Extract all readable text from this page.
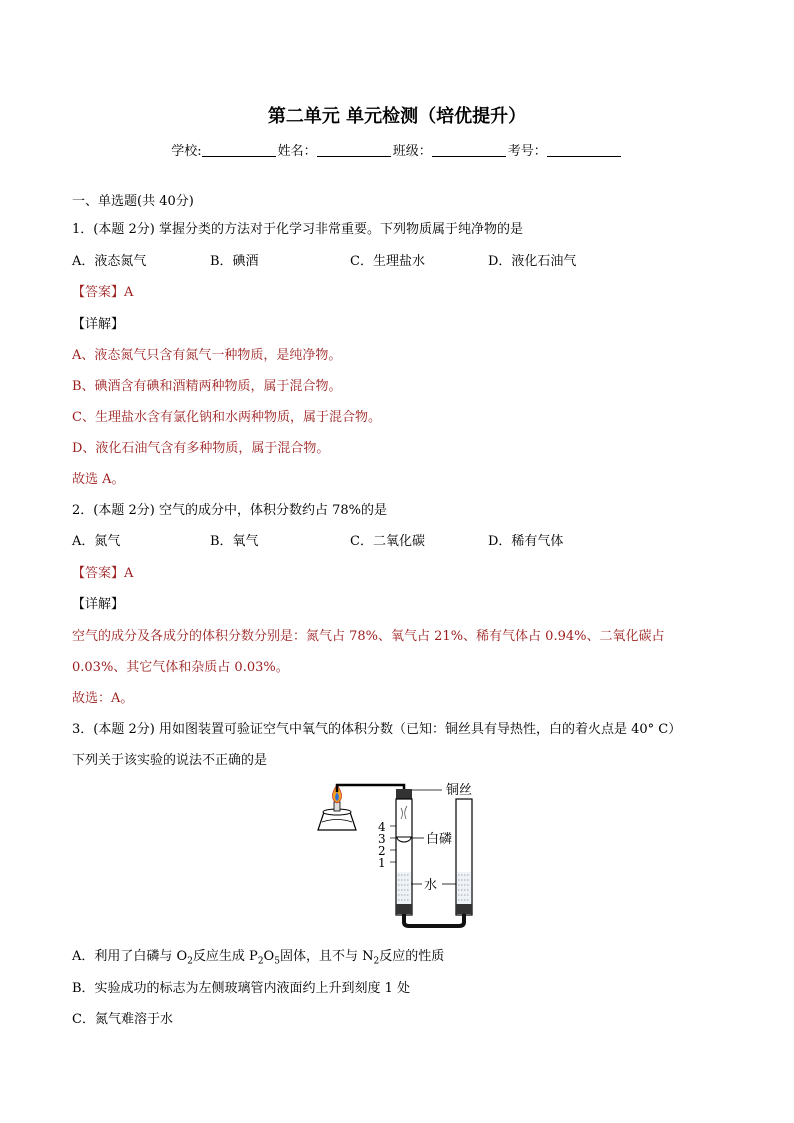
第二单元 单元检测（培优提升）
学校:	姓名：	班级：	考号：
一、单选题(共 40分)
1．(本题 2分) 掌握分类的方法对于化学习非常重要。下列物质属于纯净物的是
A．液态氮气	B．碘酒	C．生理盐水	D．液化石油气
【答案】A
【详解】
A、液态氮气只含有氮气一种物质，是纯净物。
B、碘酒含有碘和酒精两种物质，属于混合物。
C、生理盐水含有氯化钠和水两种物质，属于混合物。
D、液化石油气含有多种物质，属于混合物。
故选 A。
2．(本题 2分) 空气的成分中，体积分数约占 78%的是
A．氮气	B．氧气	C．二氧化碳	D．稀有气体
【答案】A
【详解】
空气的成分及各成分的体积分数分别是：氮气占 78%、氧气占 21%、稀有气体占 0.94%、二氧化碳占
0.03%、其它气体和杂质占 0.03%。
故选：A。
3．(本题 2分) 用如图装置可验证空气中氧气的体积分数（已知：铜丝具有导热性，白的着火点是 40° C）
下列关于该实验的说法不正确的是
铜丝
4
3
2
1
白磷
水
A．利用了白磷与 $O_2$反应生成 $P_2O_5$固体，且不与 $N_2$反应的性质
B．实验成功的标志为左侧玻璃管内液面约上升到刻度 1 处
C．氮气难溶于水
